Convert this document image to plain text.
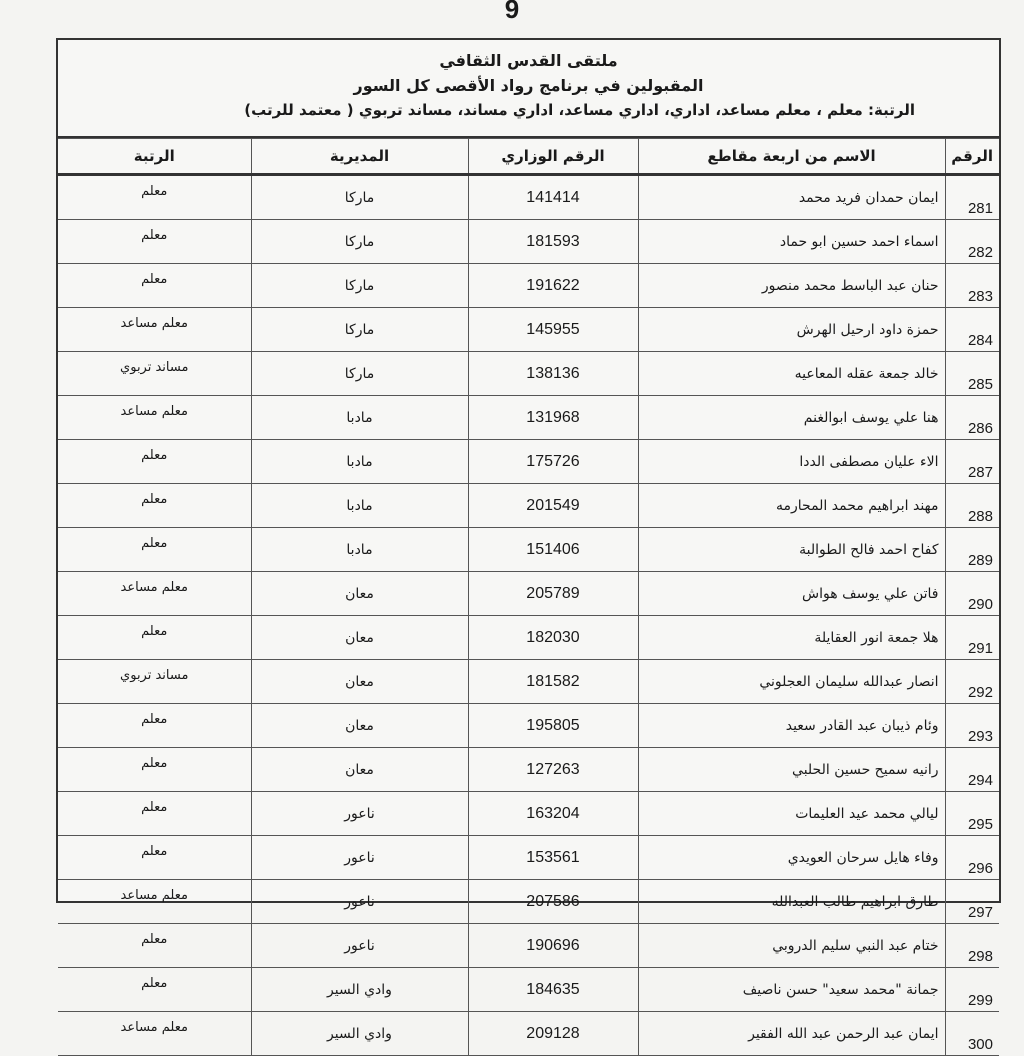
9
ملتقى القدس الثقافي
المقبولين في برنامج رواد الأقصى كل السور
الرتبة: معلم ، معلم مساعد، اداري، اداري مساعد، اداري مساند، مساند تربوي ( معتمد للرتب)
الرقم	الاسم من اربعة مقاطع	الرقم الوزاري	المديرية	الرتبة
281	ايمان حمدان فريد محمد	141414	ماركا	معلم
282	اسماء احمد حسين ابو حماد	181593	ماركا	معلم
283	حنان عبد الباسط محمد منصور	191622	ماركا	معلم
284	حمزة داود ارحيل الهرش	145955	ماركا	معلم مساعد
285	خالد جمعة عقله المعاعيه	138136	ماركا	مساند تربوي
286	هنا علي يوسف ابوالغنم	131968	مادبا	معلم مساعد
287	الاء عليان مصطفى الددا	175726	مادبا	معلم
288	مهند ابراهيم محمد المحارمه	201549	مادبا	معلم
289	كفاح احمد فالح الطوالبة	151406	مادبا	معلم
290	فاتن علي يوسف هواش	205789	معان	معلم مساعد
291	هلا جمعة انور العقايلة	182030	معان	معلم
292	انصار عبدالله سليمان العجلوني	181582	معان	مساند تربوي
293	وئام ذيبان عبد القادر سعيد	195805	معان	معلم
294	رانيه سميح حسين الحلبي	127263	معان	معلم
295	ليالي محمد عيد العليمات	163204	ناعور	معلم
296	وفاء هايل سرحان العويدي	153561	ناعور	معلم
297	طارق ابراهيم طالب العبدالله	207586	ناعور	معلم مساعد
298	ختام عبد النبي سليم الدروبي	190696	ناعور	معلم
299	جمانة "محمد سعيد" حسن ناصيف	184635	وادي السير	معلم
300	ايمان عبد الرحمن عبد الله الفقير	209128	وادي السير	معلم مساعد
